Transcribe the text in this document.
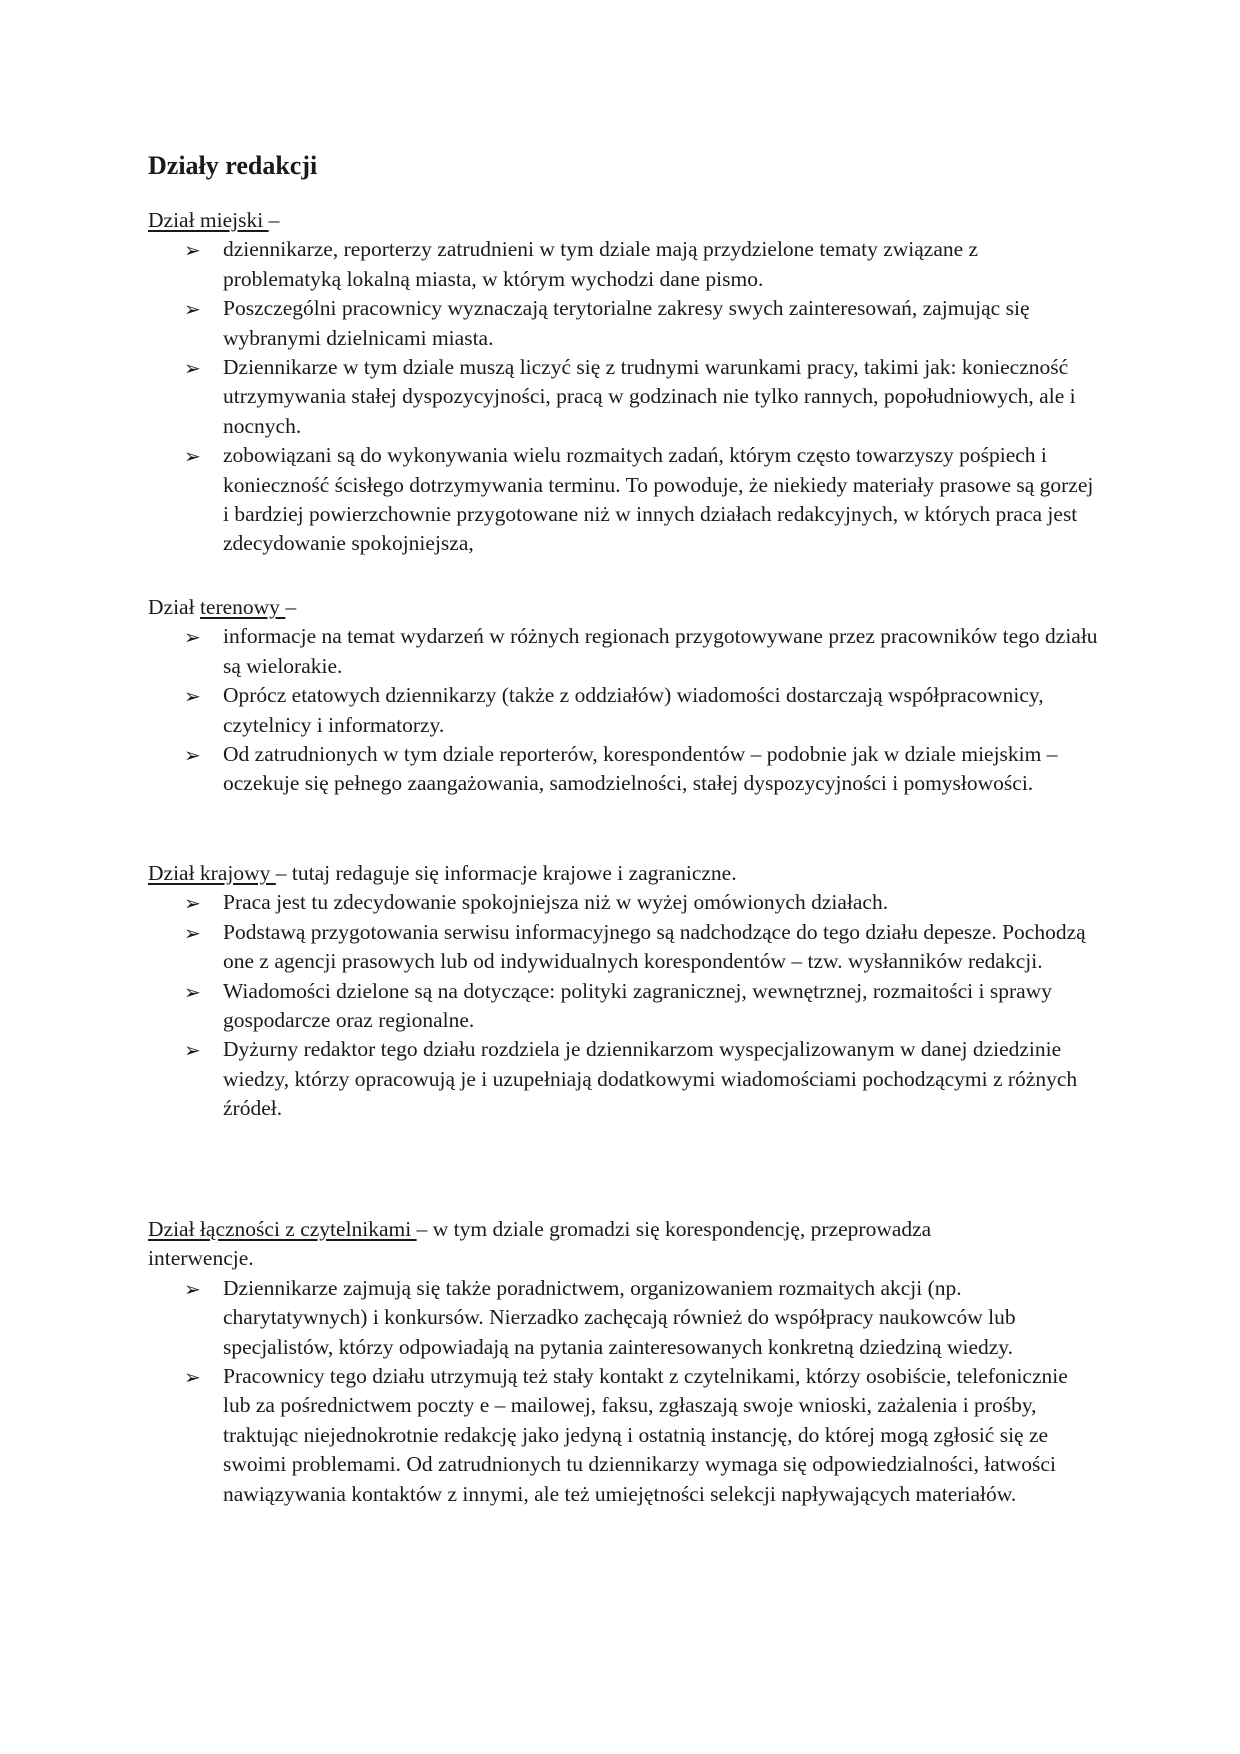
Działy redakcji

Dział miejski –

➢ dziennikarze, reporterzy zatrudnieni w tym dziale mają przydzielone tematy związane z problematyką lokalną miasta, w którym wychodzi dane pismo.
➢ Poszczególni pracownicy wyznaczają terytorialne zakresy swych zainteresowań, zajmując się wybranymi dzielnicami miasta.
➢ Dziennikarze w tym dziale muszą liczyć się z trudnymi warunkami pracy, takimi jak: konieczność utrzymywania stałej dyspozycyjności, pracą w godzinach nie tylko rannych, popołudniowych, ale i nocnych.
➢ zobowiązani są do wykonywania wielu rozmaitych zadań, którym często towarzyszy pośpiech i konieczność ścisłego dotrzymywania terminu. To powoduje, że niekiedy materiały prasowe są gorzej i bardziej powierzchownie przygotowane niż w innych działach redakcyjnych, w których praca jest zdecydowanie spokojniejsza,

Dział terenowy –

➢ informacje na temat wydarzeń w różnych regionach przygotowywane przez pracowników tego działu są wielorakie.
➢ Oprócz etatowych dziennikarzy (także z oddziałów) wiadomości dostarczają współpracownicy, czytelnicy i informatorzy.
➢ Od zatrudnionych w tym dziale reporterów, korespondentów – podobnie jak w dziale miejskim – oczekuje się pełnego zaangażowania, samodzielności, stałej dyspozycyjności i pomysłowości.

Dział krajowy – tutaj redaguje się informacje krajowe i zagraniczne.

➢ Praca jest tu zdecydowanie spokojniejsza niż w wyżej omówionych działach.
➢ Podstawą przygotowania serwisu informacyjnego są nadchodzące do tego działu depesze. Pochodzą one z agencji prasowych lub od indywidualnych korespondentów – tzw. wysłanników redakcji.
➢ Wiadomości dzielone są na dotyczące: polityki zagranicznej, wewnętrznej, rozmaitości i sprawy gospodarcze oraz regionalne.
➢ Dyżurny redaktor tego działu rozdziela je dziennikarzom wyspecjalizowanym w danej dziedzinie wiedzy, którzy opracowują je i uzupełniają dodatkowymi wiadomościami pochodzącymi z różnych źródeł.

Dział łączności z czytelnikami – w tym dziale gromadzi się korespondencję, przeprowadza

interwencje.

➢ Dziennikarze zajmują się także poradnictwem, organizowaniem rozmaitych akcji (np. charytatywnych) i konkursów. Nierzadko zachęcają również do współpracy naukowców lub specjalistów, którzy odpowiadają na pytania zainteresowanych konkretną dziedziną wiedzy.
➢ Pracownicy tego działu utrzymują też stały kontakt z czytelnikami, którzy osobiście, telefonicznie lub za pośrednictwem poczty e – mailowej, faksu, zgłaszają swoje wnioski, zażalenia i prośby, traktując niejednokrotnie redakcję jako jedyną i ostatnią instancję, do której mogą zgłosić się ze swoimi problemami. Od zatrudnionych tu dziennikarzy wymaga się odpowiedzialności, łatwości nawiązywania kontaktów z innymi, ale też umiejętności selekcji napływających materiałów.
